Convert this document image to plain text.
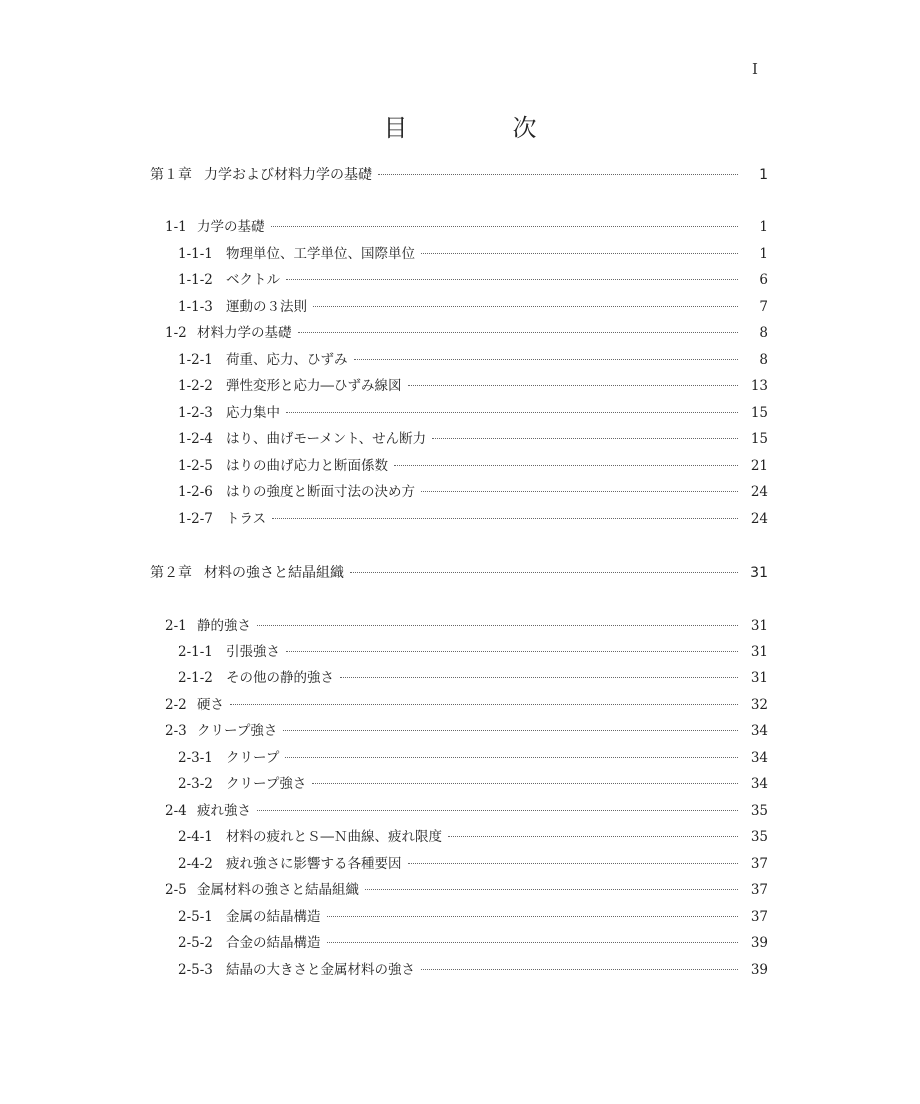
I
目	次
第１章 力学および材料力学の基礎	1
1-1 力学の基礎	1
1-1-1 物理単位、工学単位、国際単位	1
1-1-2 ベクトル	6
1-1-3 運動の３法則	7
1-2 材料力学の基礎	8
1-2-1 荷重、応力、ひずみ	8
1-2-2 弾性変形と応力―ひずみ線図	13
1-2-3 応力集中	15
1-2-4 はり、曲げモーメント、せん断力	15
1-2-5 はりの曲げ応力と断面係数	21
1-2-6 はりの強度と断面寸法の決め方	24
1-2-7 トラス	24
第２章 材料の強さと結晶組織	31
2-1 静的強さ	31
2-1-1 引張強さ	31
2-1-2 その他の静的強さ	31
2-2 硬さ	32
2-3 クリープ強さ	34
2-3-1 クリープ	34
2-3-2 クリープ強さ	34
2-4 疲れ強さ	35
2-4-1 材料の疲れとＳ―Ｎ曲線、疲れ限度	35
2-4-2 疲れ強さに影響する各種要因	37
2-5 金属材料の強さと結晶組織	37
2-5-1 金属の結晶構造	37
2-5-2 合金の結晶構造	39
2-5-3 結晶の大きさと金属材料の強さ	39
